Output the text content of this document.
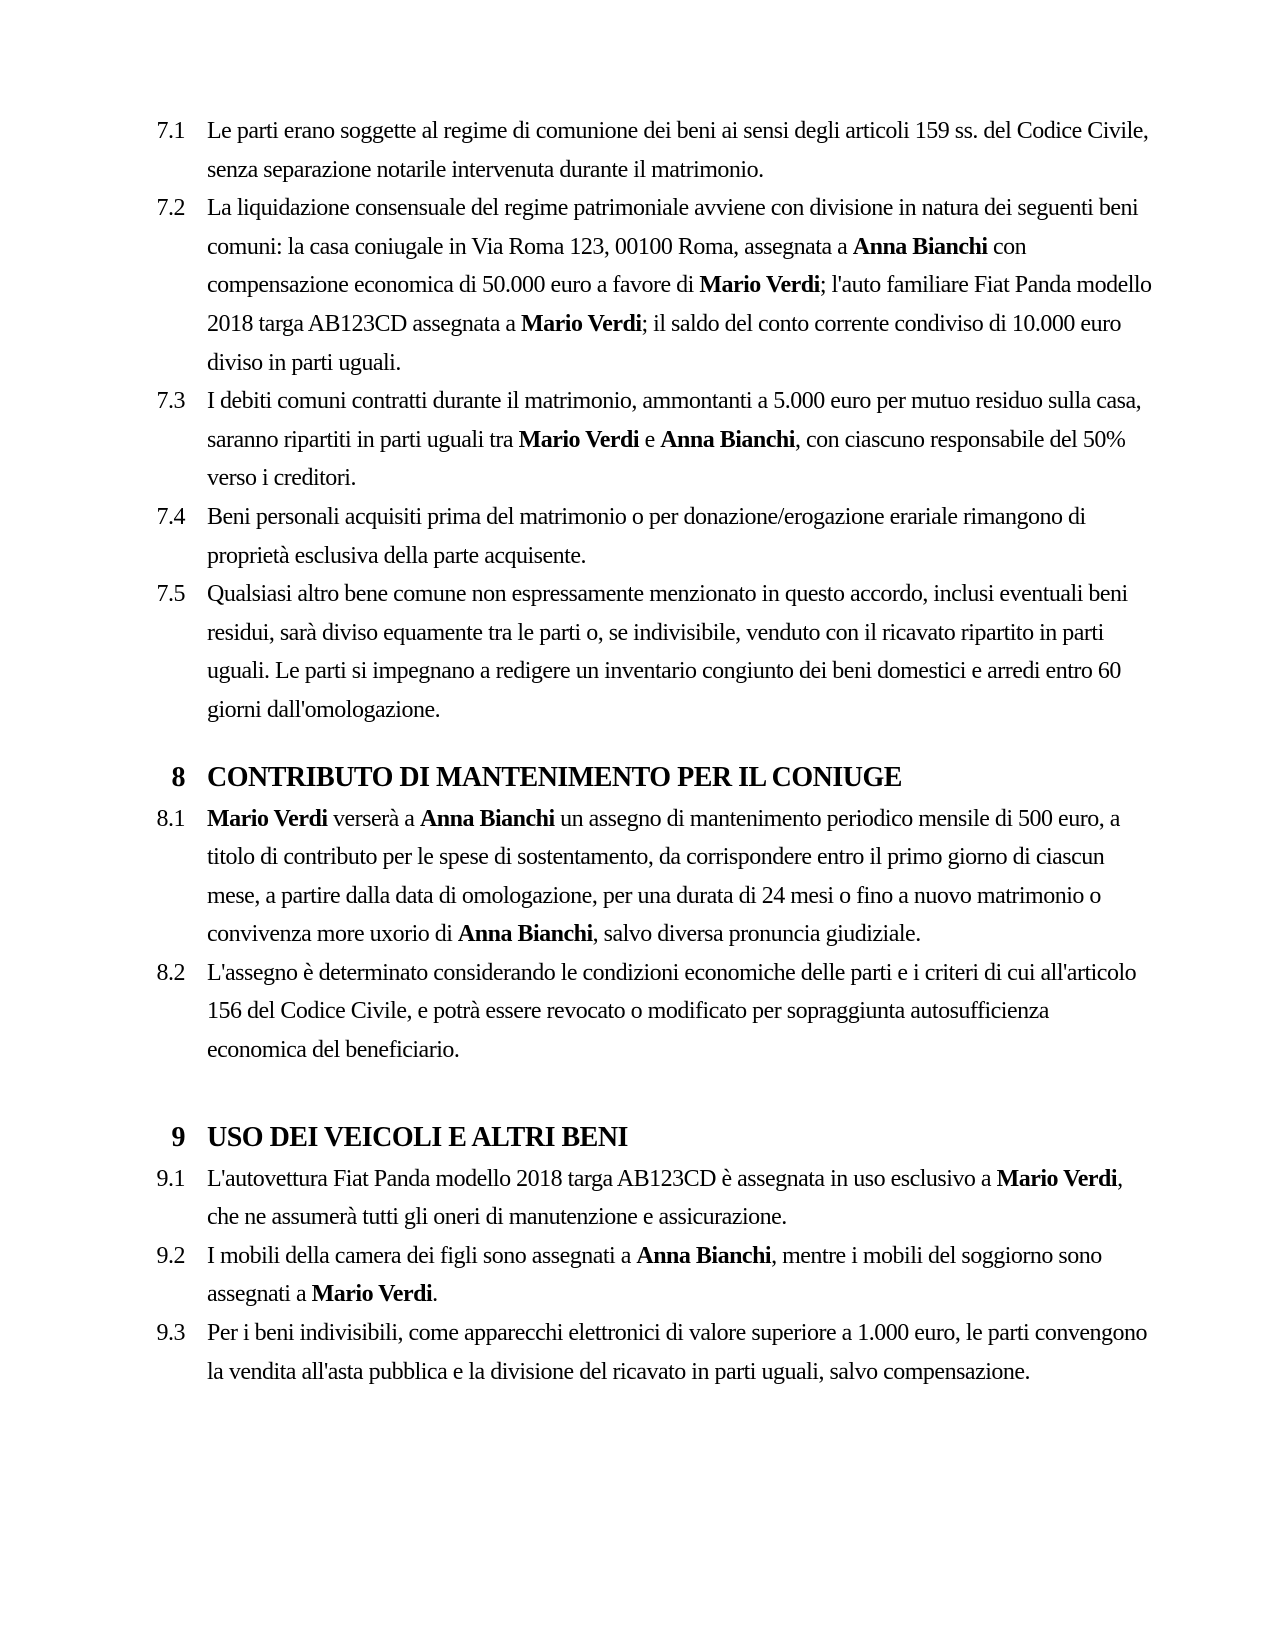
7.1 Le parti erano soggette al regime di comunione dei beni ai sensi degli articoli 159 ss. del Codice Civile, senza separazione notarile intervenuta durante il matrimonio.
7.2 La liquidazione consensuale del regime patrimoniale avviene con divisione in natura dei seguenti beni comuni: la casa coniugale in Via Roma 123, 00100 Roma, assegnata a Anna Bianchi con compensazione economica di 50.000 euro a favore di Mario Verdi; l'auto familiare Fiat Panda modello 2018 targa AB123CD assegnata a Mario Verdi; il saldo del conto corrente condiviso di 10.000 euro diviso in parti uguali.
7.3 I debiti comuni contratti durante il matrimonio, ammontanti a 5.000 euro per mutuo residuo sulla casa, saranno ripartiti in parti uguali tra Mario Verdi e Anna Bianchi, con ciascuno responsabile del 50% verso i creditori.
7.4 Beni personali acquisiti prima del matrimonio o per donazione/erogazione erariale rimangono di proprietà esclusiva della parte acquisente.
7.5 Qualsiasi altro bene comune non espressamente menzionato in questo accordo, inclusi eventuali beni residui, sarà diviso equamente tra le parti o, se indivisibile, venduto con il ricavato ripartito in parti uguali. Le parti si impegnano a redigere un inventario congiunto dei beni domestici e arredi entro 60 giorni dall'omologazione.
8 CONTRIBUTO DI MANTENIMENTO PER IL CONIUGE
8.1 Mario Verdi verserà a Anna Bianchi un assegno di mantenimento periodico mensile di 500 euro, a titolo di contributo per le spese di sostentamento, da corrispondere entro il primo giorno di ciascun mese, a partire dalla data di omologazione, per una durata di 24 mesi o fino a nuovo matrimonio o convivenza more uxorio di Anna Bianchi, salvo diversa pronuncia giudiziale.
8.2 L'assegno è determinato considerando le condizioni economiche delle parti e i criteri di cui all'articolo 156 del Codice Civile, e potrà essere revocato o modificato per sopraggiunta autosufficienza economica del beneficiario.
9 USO DEI VEICOLI E ALTRI BENI
9.1 L'autovettura Fiat Panda modello 2018 targa AB123CD è assegnata in uso esclusivo a Mario Verdi, che ne assumerà tutti gli oneri di manutenzione e assicurazione.
9.2 I mobili della camera dei figli sono assegnati a Anna Bianchi, mentre i mobili del soggiorno sono assegnati a Mario Verdi.
9.3 Per i beni indivisibili, come apparecchi elettronici di valore superiore a 1.000 euro, le parti convengono la vendita all'asta pubblica e la divisione del ricavato in parti uguali, salvo compensazione.
